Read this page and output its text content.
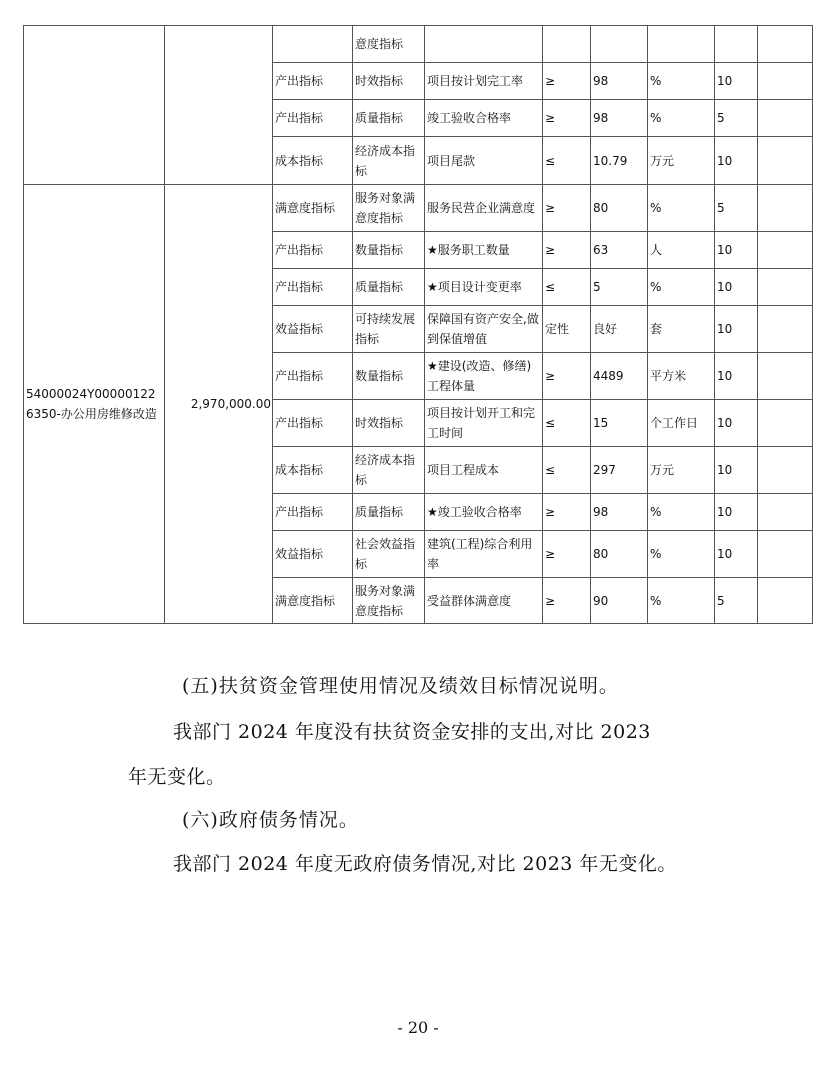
			意度指标						
		产出指标	时效指标	项目按计划完工率	≥	98	%	10	
		产出指标	质量指标	竣工验收合格率	≥	98	%	5	
		成本指标	经济成本指标	项目尾款	≤	10.79	万元	10	
54000024Y000001226350-办公用房维修改造	2,970,000.00	满意度指标	服务对象满意度指标	服务民营企业满意度	≥	80	%	5	
		产出指标	数量指标	★服务职工数量	≥	63	人	10	
		产出指标	质量指标	★项目设计变更率	≤	5	%	10	
		效益指标	可持续发展指标	保障国有资产安全,做到保值增值	定性	良好	套	10	
		产出指标	数量指标	★建设(改造、修缮)工程体量	≥	4489	平方米	10	
		产出指标	时效指标	项目按计划开工和完工时间	≤	15	个工作日	10	
		成本指标	经济成本指标	项目工程成本	≤	297	万元	10	
		产出指标	质量指标	★竣工验收合格率	≥	98	%	10	
		效益指标	社会效益指标	建筑(工程)综合利用率	≥	80	%	10	
		满意度指标	服务对象满意度指标	受益群体满意度	≥	90	%	5	
(五)扶贫资金管理使用情况及绩效目标情况说明。
我部门 2024 年度没有扶贫资金安排的支出,对比 2023
年无变化。
(六)政府债务情况。
我部门 2024 年度无政府债务情况,对比 2023 年无变化。
- 20 -
